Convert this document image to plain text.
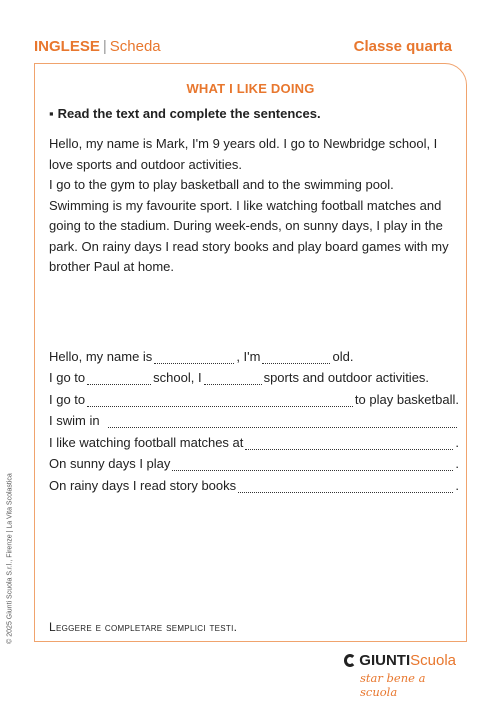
INGLESE | Scheda	Classe quarta
WHAT I LIKE DOING
▪ Read the text and complete the sentences.

Hello, my name is Mark, I'm 9 years old. I go to Newbridge school, I love sports and outdoor activities.

I go to the gym to play basketball and to the swimming pool. Swimming is my favourite sport. I like watching football matches and going to the stadium. During week-ends, on sunny days, I play in the park. On rainy days I read story books and play board games with my brother Paul at home.

Hello, my name is	, I'm	old.
I go to	school, I	sports and outdoor activities.
I go to	to play basketball.
I swim in
I like watching football matches at	.
On sunny days I play	.
On rainy days I read story books	.
Leggere e completare semplici testi.
© 2025 Giunti Scuola S.r.l., Firenze | La Vita Scolastica
GIUNTI Scuola
star bene a scuola
